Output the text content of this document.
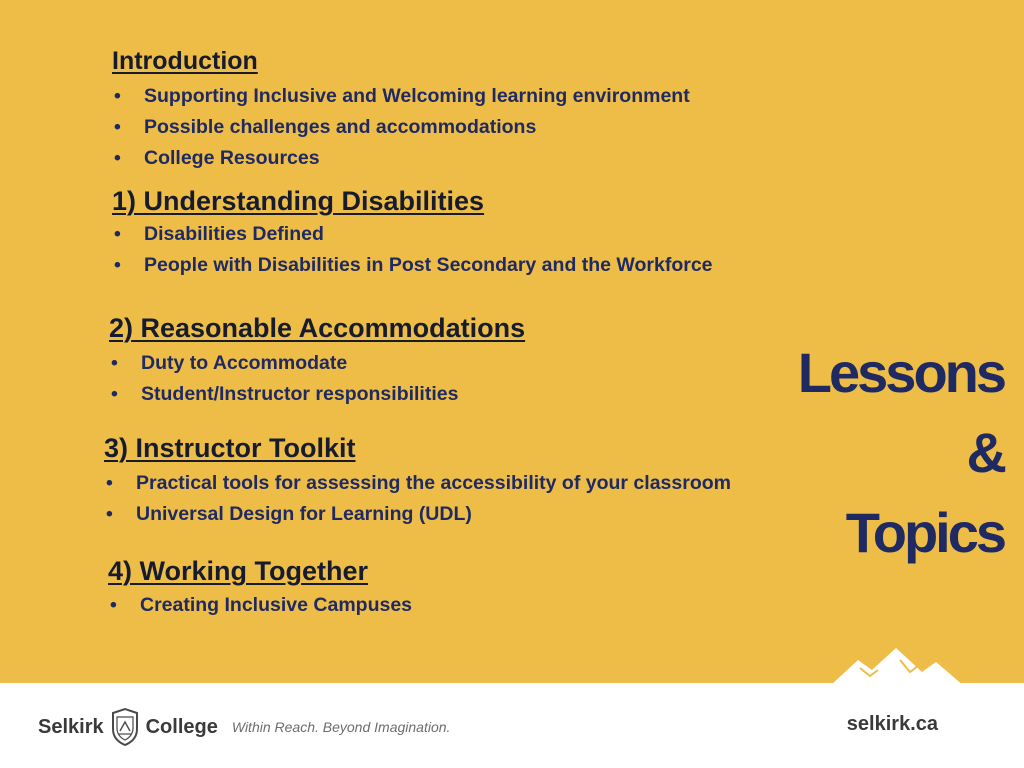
Introduction
• Supporting Inclusive and Welcoming learning environment
• Possible challenges and accommodations
• College Resources
1) Understanding Disabilities
• Disabilities Defined
• People with Disabilities in Post Secondary and the Workforce
2) Reasonable Accommodations
• Duty to Accommodate
• Student/Instructor responsibilities
3) Instructor Toolkit
• Practical tools for assessing the accessibility of your classroom
• Universal Design for Learning (UDL)
4) Working Together
• Creating Inclusive Campuses
Lessons
&
Topics
Selkirk College Within Reach. Beyond Imagination.	selkirk.ca
